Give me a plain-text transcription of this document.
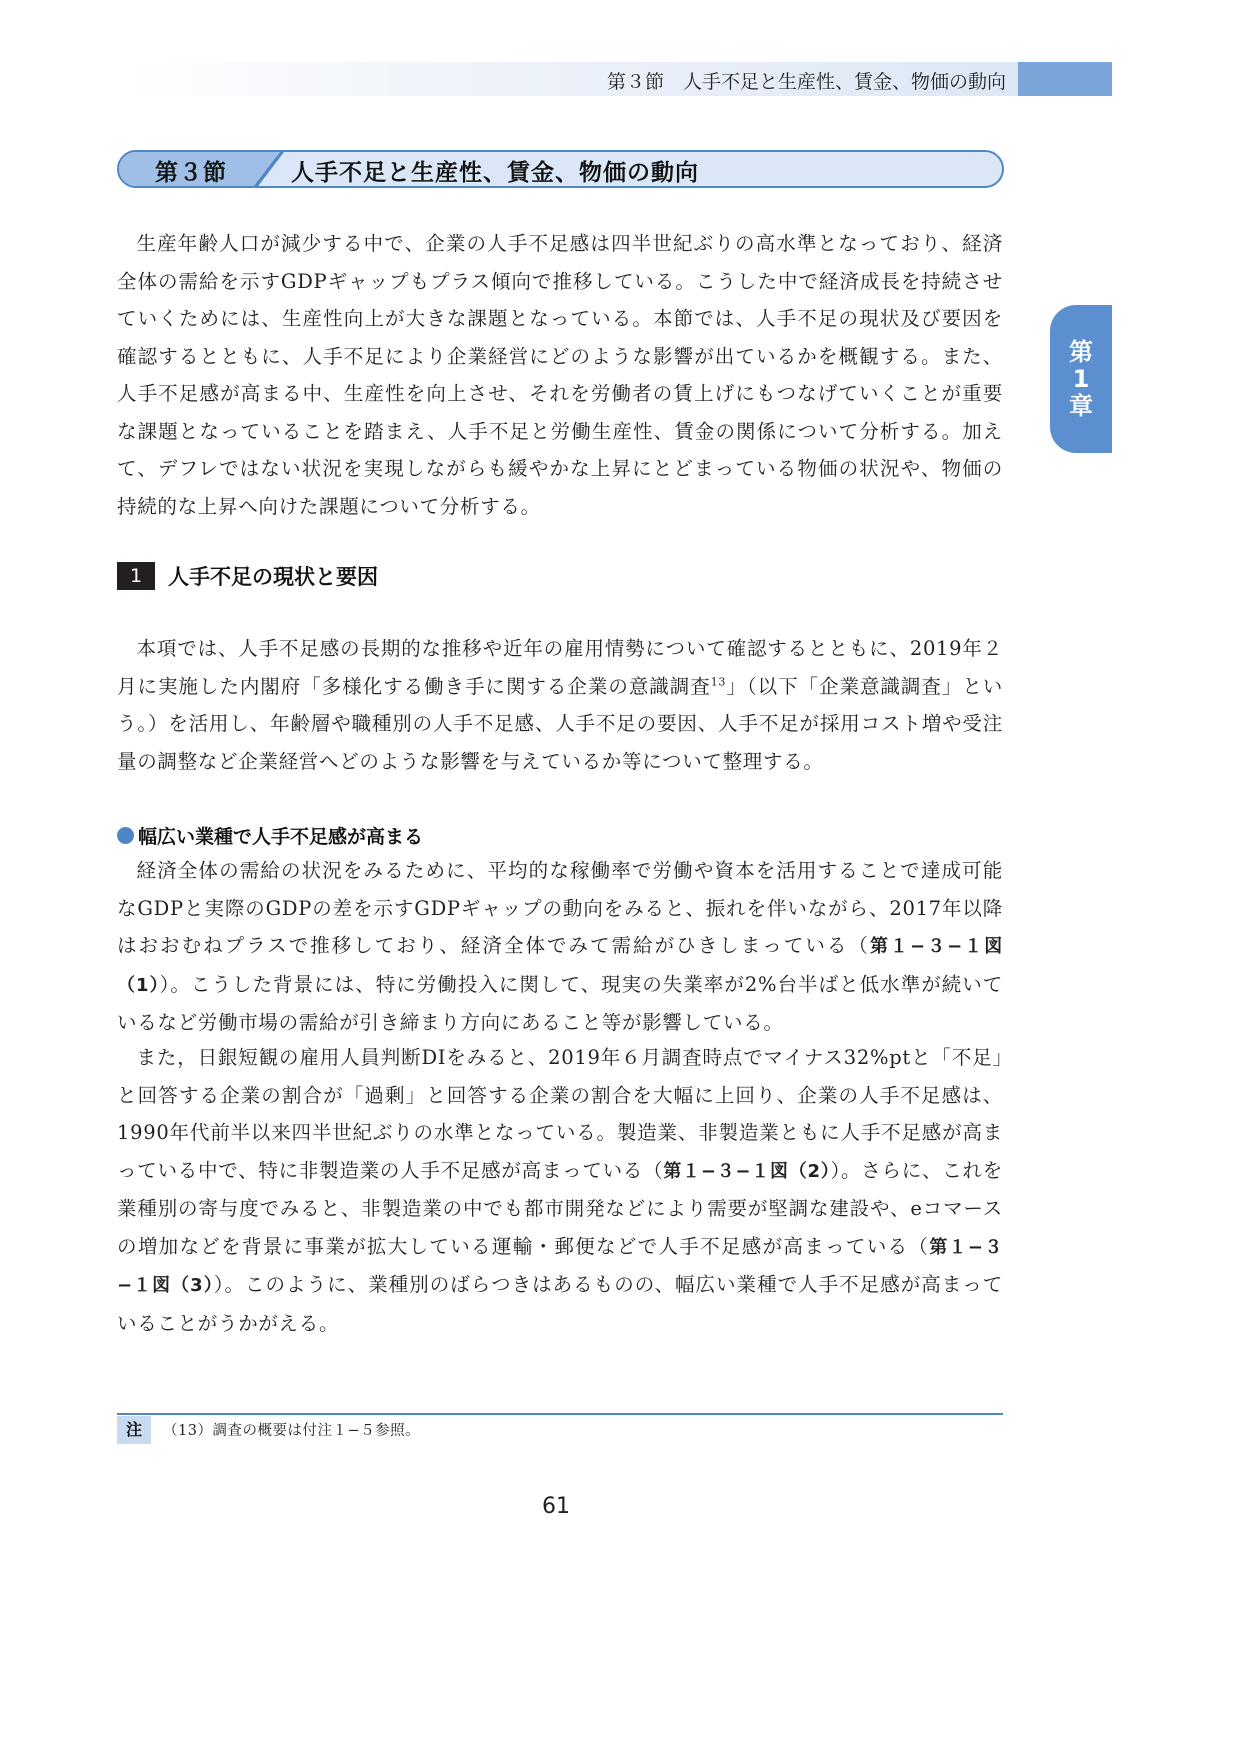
第３節　人手不足と生産性、賃金、物価の動向
第３節	人手不足と生産性、賃金、物価の動向
第
1
章

生産年齢人口が減少する中で、企業の人手不足感は四半世紀ぶりの高水準となっており、経済全体の需給を示すGDPギャップもプラス傾向で推移している。こうした中で経済成長を持続させていくためには、生産性向上が大きな課題となっている。本節では、人手不足の現状及び要因を確認するとともに、人手不足により企業経営にどのような影響が出ているかを概観する。また、人手不足感が高まる中、生産性を向上させ、それを労働者の賃上げにもつなげていくことが重要な課題となっていることを踏まえ、人手不足と労働生産性、賃金の関係について分析する。加えて、デフレではない状況を実現しながらも緩やかな上昇にとどまっている物価の状況や、物価の持続的な上昇へ向けた課題について分析する。

1	人手不足の現状と要因

本項では、人手不足感の長期的な推移や近年の雇用情勢について確認するとともに、2019年２月に実施した内閣府「多様化する働き手に関する企業の意識調査$^{13}$」（以下「企業意識調査」という。）を活用し、年齢層や職種別の人手不足感、人手不足の要因、人手不足が採用コスト増や受注量の調整など企業経営へどのような影響を与えているか等について整理する。

幅広い業種で人手不足感が高まる

経済全体の需給の状況をみるために、平均的な稼働率で労働や資本を活用することで達成可能なGDPと実際のGDPの差を示すGDPギャップの動向をみると、振れを伴いながら、2017年以降はおおむねプラスで推移しており、経済全体でみて需給がひきしまっている（第１−３−１図（1））。こうした背景には、特に労働投入に関して、現実の失業率が2%台半ばと低水準が続いているなど労働市場の需給が引き締まり方向にあること等が影響している。

また，日銀短観の雇用人員判断DIをみると、2019年６月調査時点でマイナス32%ptと「不足」と回答する企業の割合が「過剰」と回答する企業の割合を大幅に上回り、企業の人手不足感は、1990年代前半以来四半世紀ぶりの水準となっている。製造業、非製造業ともに人手不足感が高まっている中で、特に非製造業の人手不足感が高まっている（第１−３−１図（2））。さらに、これを業種別の寄与度でみると、非製造業の中でも都市開発などにより需要が堅調な建設や、eコマースの増加などを背景に事業が拡大している運輸・郵便などで人手不足感が高まっている（第１−３−１図（3））。このように、業種別のばらつきはあるものの、幅広い業種で人手不足感が高まっていることがうかがえる。

注	（13）調査の概要は付注１−５参照。
61
